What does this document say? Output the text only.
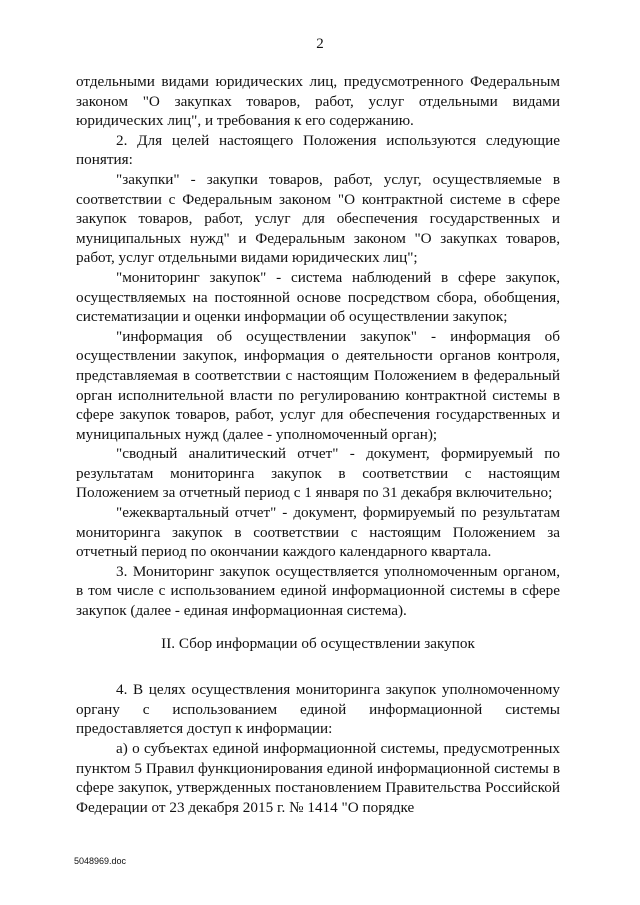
2

отдельными видами юридических лиц, предусмотренного Федеральным законом "О закупках товаров, работ, услуг отдельными видами юридических лиц", и требования к его содержанию.

2. Для целей настоящего Положения используются следующие понятия:

"закупки" - закупки товаров, работ, услуг, осуществляемые в соответствии с Федеральным законом "О контрактной системе в сфере закупок товаров, работ, услуг для обеспечения государственных и муниципальных нужд" и Федеральным законом "О закупках товаров, работ, услуг отдельными видами юридических лиц";

"мониторинг закупок" - система наблюдений в сфере закупок, осуществляемых на постоянной основе посредством сбора, обобщения, систематизации и оценки информации об осуществлении закупок;

"информация об осуществлении закупок" - информация об осуществлении закупок, информация о деятельности органов контроля, представляемая в соответствии с настоящим Положением в федеральный орган исполнительной власти по регулированию контрактной системы в сфере закупок товаров, работ, услуг для обеспечения государственных и муниципальных нужд (далее - уполномоченный орган);

"сводный аналитический отчет" - документ, формируемый по результатам мониторинга закупок в соответствии с настоящим Положением за отчетный период с 1 января по 31 декабря включительно;

"ежеквартальный отчет" - документ, формируемый по результатам мониторинга закупок в соответствии с настоящим Положением за отчетный период по окончании каждого календарного квартала.

3. Мониторинг закупок осуществляется уполномоченным органом, в том числе с использованием единой информационной системы в сфере закупок (далее - единая информационная система).

II. Сбор информации об осуществлении закупок

4. В целях осуществления мониторинга закупок уполномоченному органу с использованием единой информационной системы предоставляется доступ к информации:

а) о субъектах единой информационной системы, предусмотренных пунктом 5 Правил функционирования единой информационной системы в сфере закупок, утвержденных постановлением Правительства Российской Федерации от 23 декабря 2015 г. № 1414 "О порядке

5048969.doc
